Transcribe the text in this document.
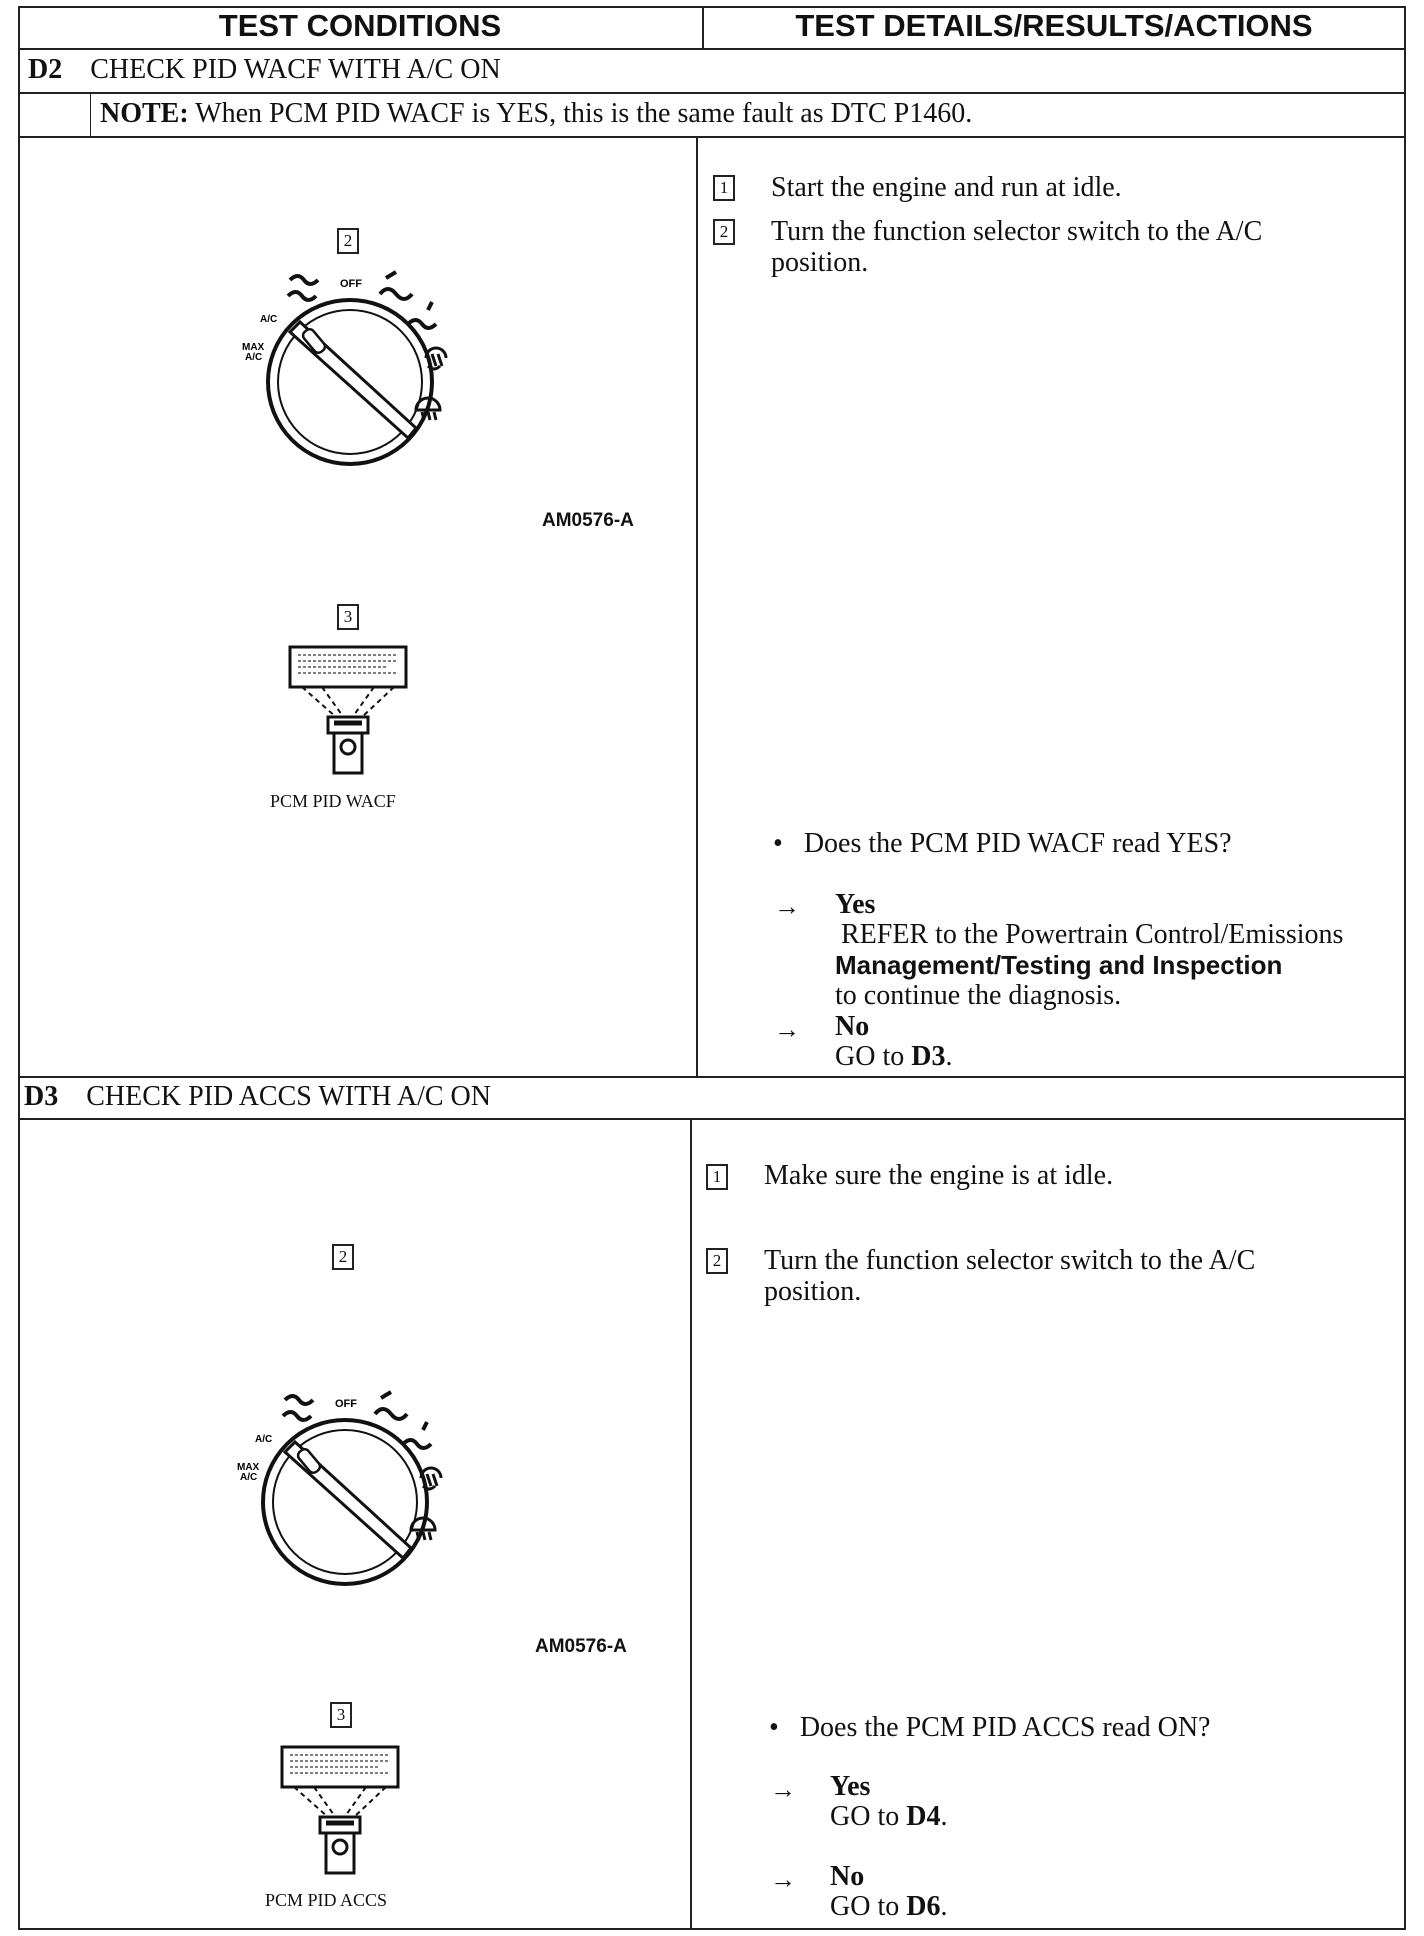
TEST CONDITIONS	TEST DETAILS/RESULTS/ACTIONS
D2 CHECK PID WACF WITH A/C ON
NOTE: When PCM PID WACF is YES, this is the same fault as DTC P1460.
2
OFF
A/C
MAX
A/C
AM0576-A
3
PCM PID WACF
1 Start the engine and run at idle.
2 Turn the function selector switch to the A/C position.
• Does the PCM PID WACF read YES?
→ Yes
REFER to the Powertrain Control/Emissions
Management/Testing and Inspection
to continue the diagnosis.
→ No
GO to D3.
D3 CHECK PID ACCS WITH A/C ON
2
OFF
A/C
MAX
A/C
AM0576-A
3
PCM PID ACCS
1 Make sure the engine is at idle.
2 Turn the function selector switch to the A/C position.
• Does the PCM PID ACCS read ON?
→ Yes
GO to D4.
→ No
GO to D6.
